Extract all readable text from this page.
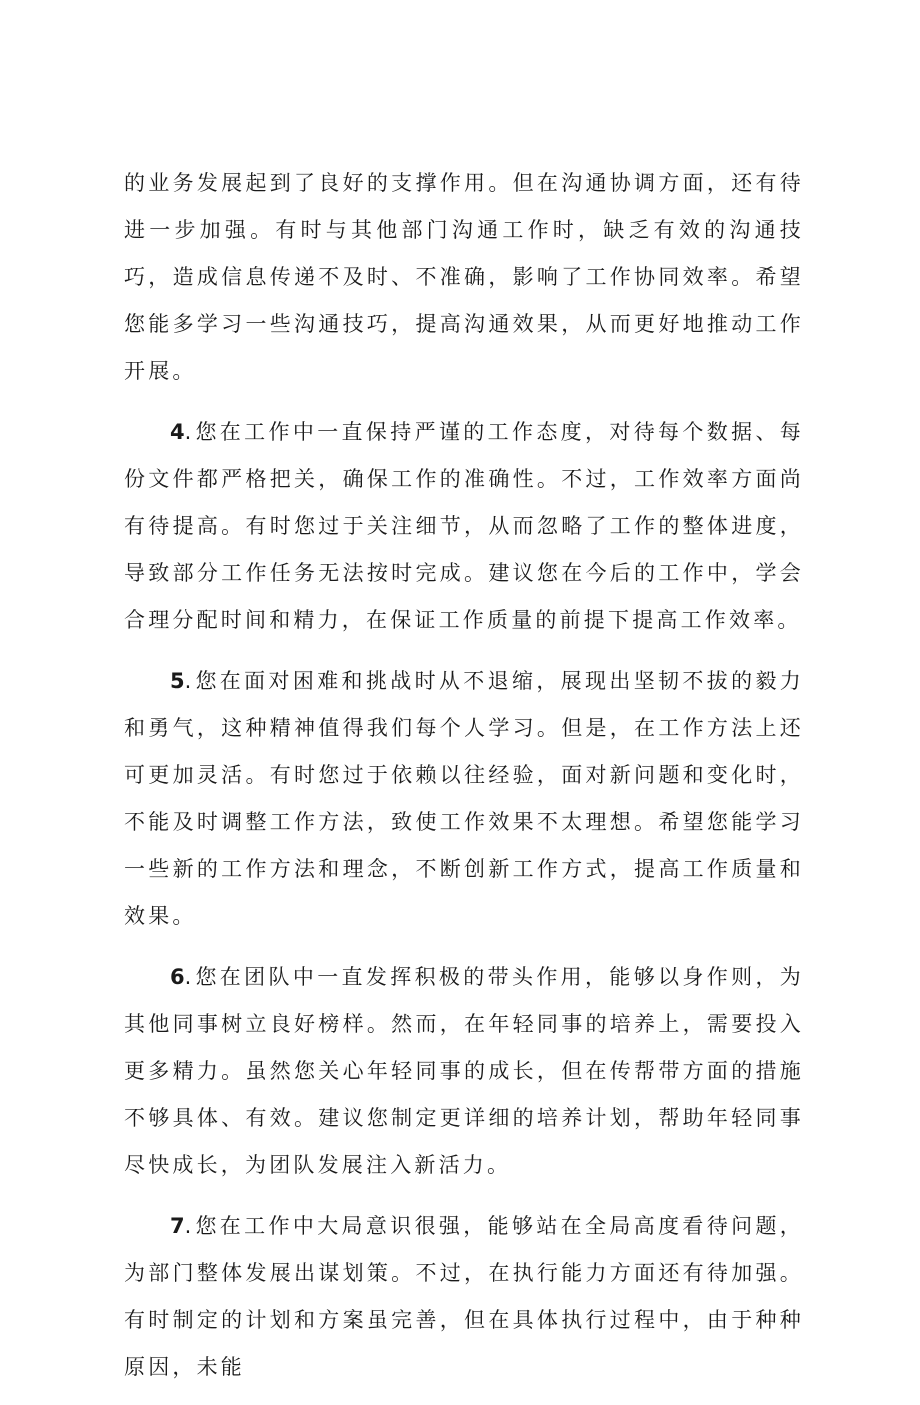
的业务发展起到了良好的支撑作用。但在沟通协调方面，还有待进一步加强。有时与其他部门沟通工作时，缺乏有效的沟通技巧，造成信息传递不及时、不准确，影响了工作协同效率。希望您能多学习一些沟通技巧，提高沟通效果，从而更好地推动工作开展。

4. 您在工作中一直保持严谨的工作态度，对待每个数据、每份文件都严格把关，确保工作的准确性。不过，工作效率方面尚有待提高。有时您过于关注细节，从而忽略了工作的整体进度，导致部分工作任务无法按时完成。建议您在今后的工作中，学会合理分配时间和精力，在保证工作质量的前提下提高工作效率。

5. 您在面对困难和挑战时从不退缩，展现出坚韧不拔的毅力和勇气，这种精神值得我们每个人学习。但是，在工作方法上还可更加灵活。有时您过于依赖以往经验，面对新问题和变化时，不能及时调整工作方法，致使工作效果不太理想。希望您能学习一些新的工作方法和理念，不断创新工作方式，提高工作质量和效果。

6. 您在团队中一直发挥积极的带头作用，能够以身作则，为其他同事树立良好榜样。然而，在年轻同事的培养上，需要投入更多精力。虽然您关心年轻同事的成长，但在传帮带方面的措施不够具体、有效。建议您制定更详细的培养计划，帮助年轻同事尽快成长，为团队发展注入新活力。

7. 您在工作中大局意识很强，能够站在全局高度看待问题，为部门整体发展出谋划策。不过，在执行能力方面还有待加强。有时制定的计划和方案虽完善，但在具体执行过程中，由于种种原因，未能
